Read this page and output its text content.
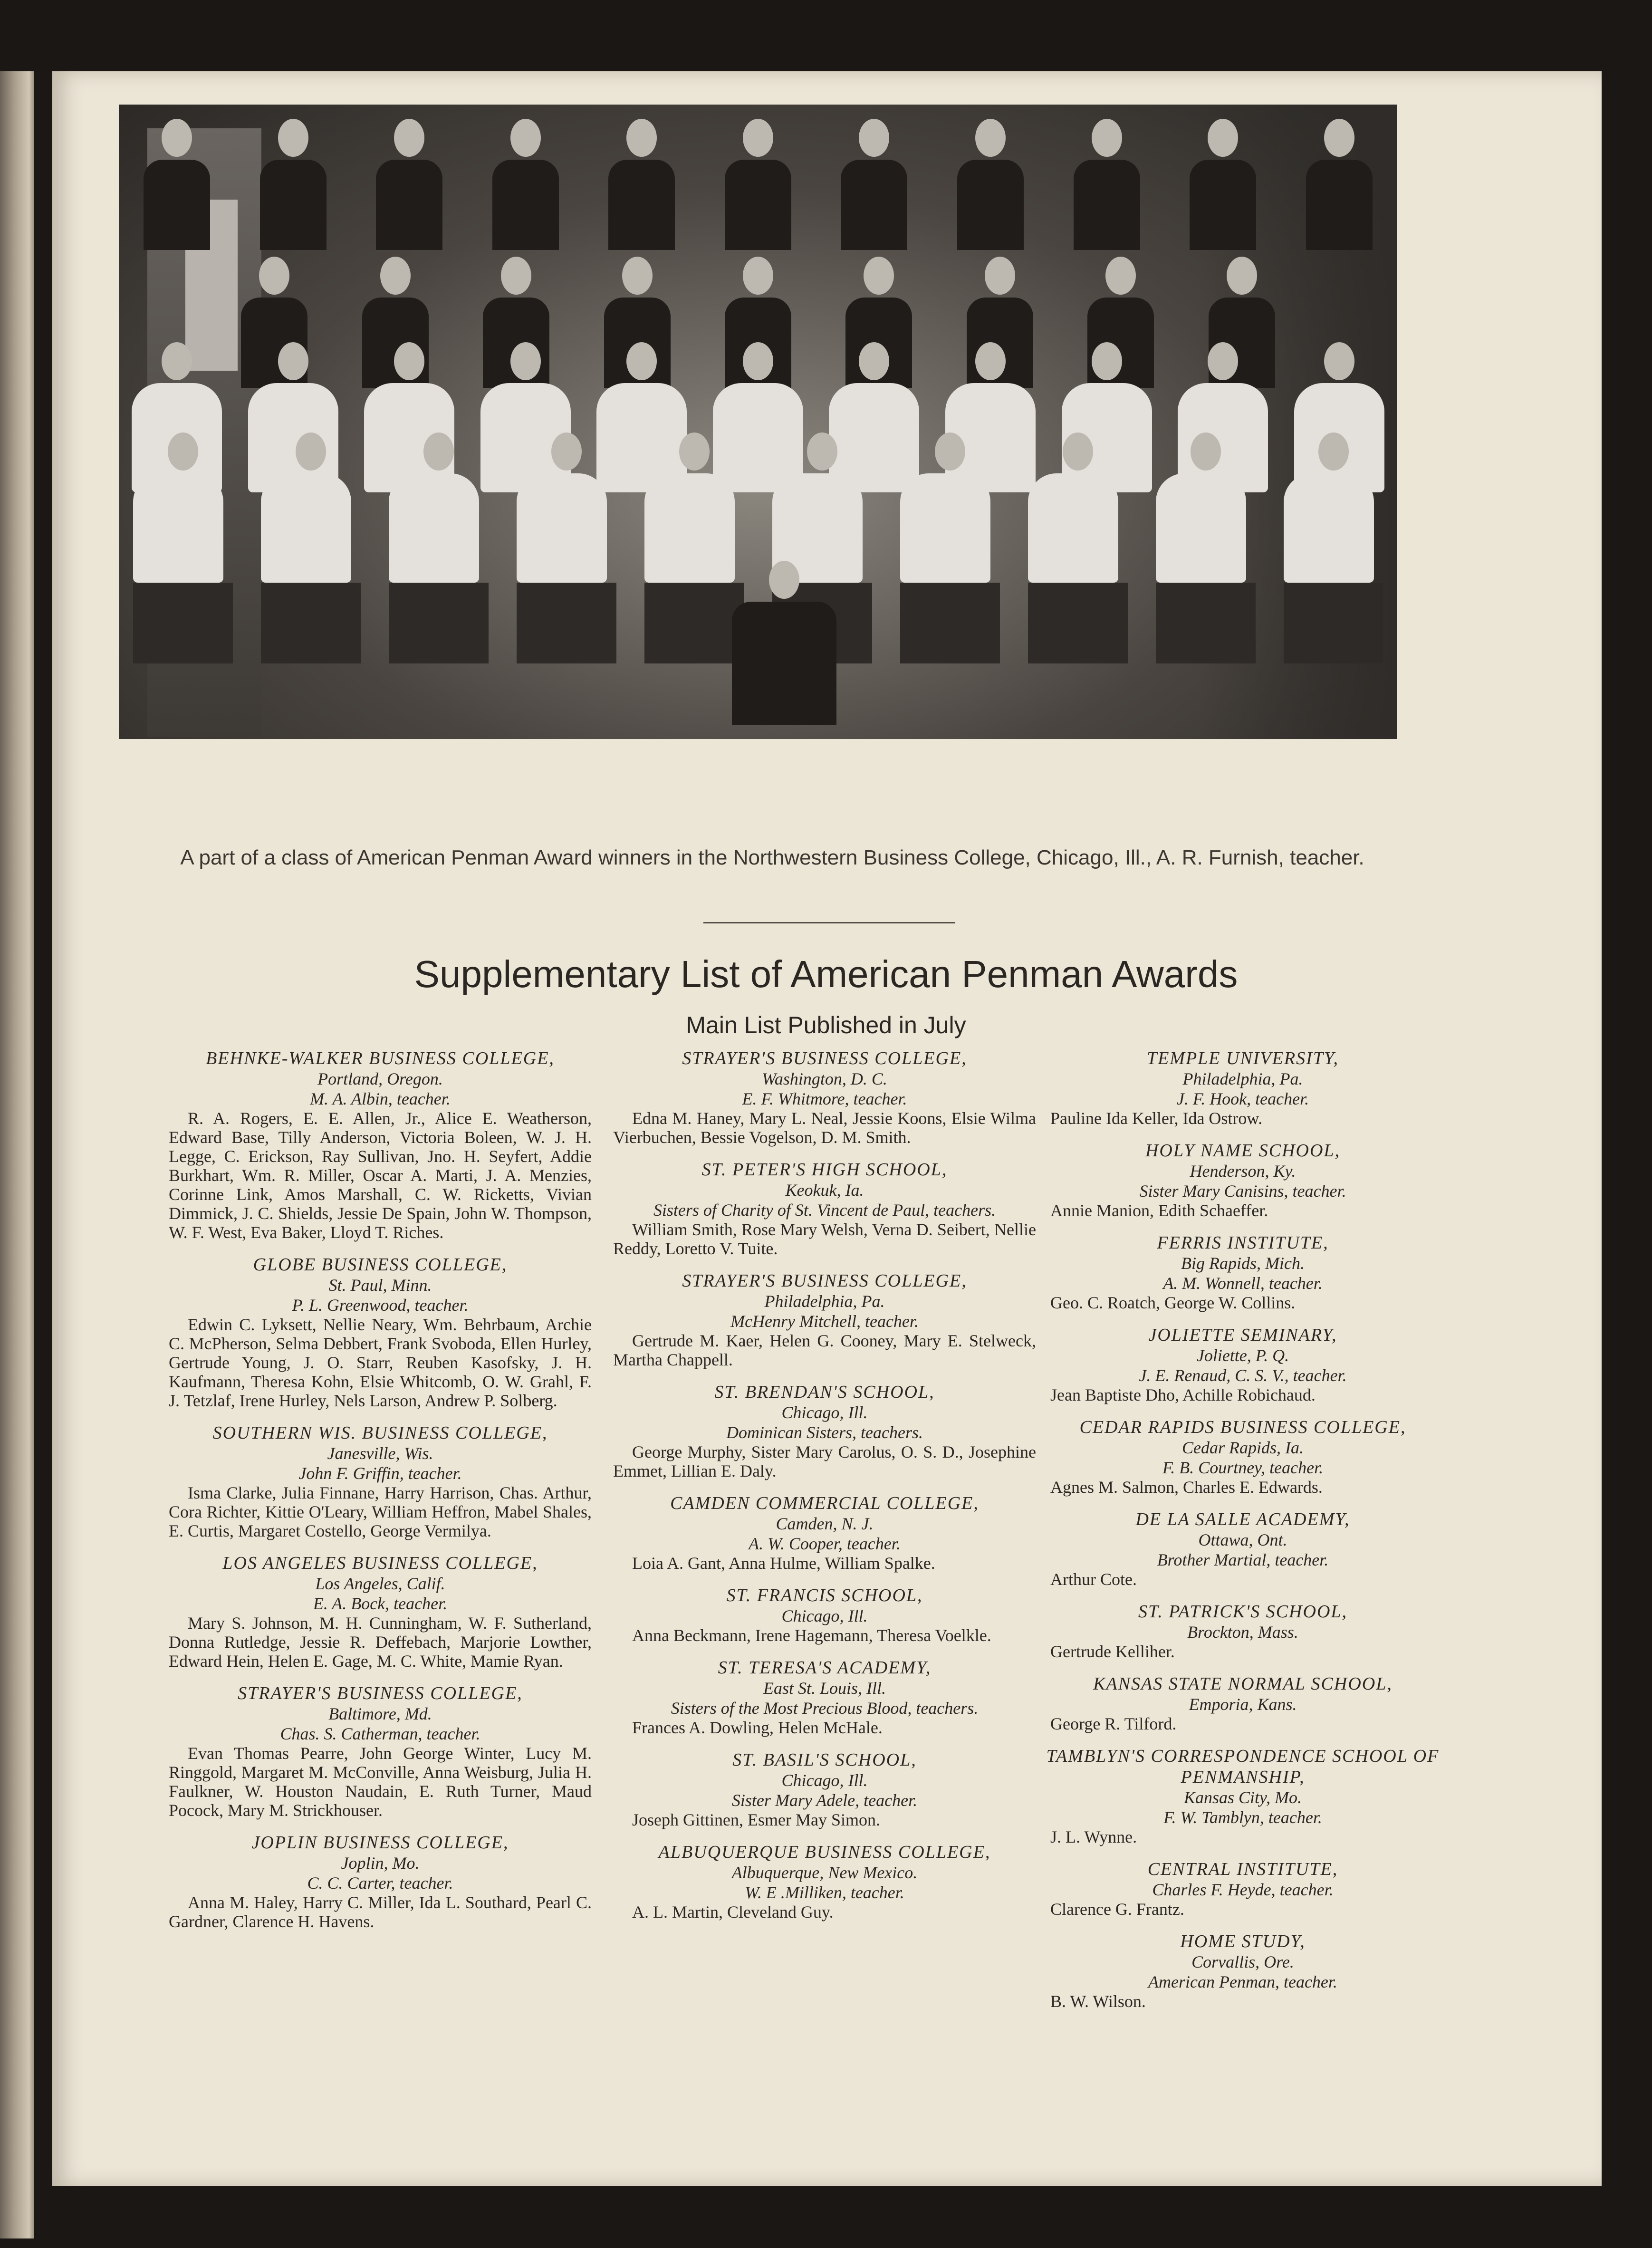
A part of a class of American Penman Award winners in the Northwestern Business College, Chicago, Ill., A. R. Furnish, teacher.
Supplementary List of American Penman Awards
Main List Published in July
BEHNKE-WALKER BUSINESS COLLEGE,
Portland, Oregon.
M. A. Albin, teacher.
R. A. Rogers, E. E. Allen, Jr., Alice E. Weatherson, Edward Base, Tilly Anderson, Victoria Boleen, W. J. H. Legge, C. Erickson, Ray Sullivan, Jno. H. Seyfert, Addie Burkhart, Wm. R. Miller, Oscar A. Marti, J. A. Menzies, Corinne Link, Amos Marshall, C. W. Ricketts, Vivian Dimmick, J. C. Shields, Jessie De Spain, John W. Thompson, W. F. West, Eva Baker, Lloyd T. Riches.
GLOBE BUSINESS COLLEGE,
St. Paul, Minn.
P. L. Greenwood, teacher.
Edwin C. Lyksett, Nellie Neary, Wm. Behrbaum, Archie C. McPherson, Selma Debbert, Frank Svoboda, Ellen Hurley, Gertrude Young, J. O. Starr, Reuben Kasofsky, J. H. Kaufmann, Theresa Kohn, Elsie Whitcomb, O. W. Grahl, F. J. Tetzlaf, Irene Hurley, Nels Larson, Andrew P. Solberg.
SOUTHERN WIS. BUSINESS COLLEGE,
Janesville, Wis.
John F. Griffin, teacher.
Isma Clarke, Julia Finnane, Harry Harrison, Chas. Arthur, Cora Richter, Kittie O'Leary, William Heffron, Mabel Shales, E. Curtis, Margaret Costello, George Vermilya.
LOS ANGELES BUSINESS COLLEGE,
Los Angeles, Calif.
E. A. Bock, teacher.
Mary S. Johnson, M. H. Cunningham, W. F. Sutherland, Donna Rutledge, Jessie R. Deffebach, Marjorie Lowther, Edward Hein, Helen E. Gage, M. C. White, Mamie Ryan.
STRAYER'S BUSINESS COLLEGE,
Baltimore, Md.
Chas. S. Catherman, teacher.
Evan Thomas Pearre, John George Winter, Lucy M. Ringgold, Margaret M. McConville, Anna Weisburg, Julia H. Faulkner, W. Houston Naudain, E. Ruth Turner, Maud Pocock, Mary M. Strickhouser.
JOPLIN BUSINESS COLLEGE,
Joplin, Mo.
C. C. Carter, teacher.
Anna M. Haley, Harry C. Miller, Ida L. Southard, Pearl C. Gardner, Clarence H. Havens.
STRAYER'S BUSINESS COLLEGE,
Washington, D. C.
E. F. Whitmore, teacher.
Edna M. Haney, Mary L. Neal, Jessie Koons, Elsie Wilma Vierbuchen, Bessie Vogelson, D. M. Smith.
ST. PETER'S HIGH SCHOOL,
Keokuk, Ia.
Sisters of Charity of St. Vincent de Paul, teachers.
William Smith, Rose Mary Welsh, Verna D. Seibert, Nellie Reddy, Loretto V. Tuite.
STRAYER'S BUSINESS COLLEGE,
Philadelphia, Pa.
McHenry Mitchell, teacher.
Gertrude M. Kaer, Helen G. Cooney, Mary E. Stelweck, Martha Chappell.
ST. BRENDAN'S SCHOOL,
Chicago, Ill.
Dominican Sisters, teachers.
George Murphy, Sister Mary Carolus, O. S. D., Josephine Emmet, Lillian E. Daly.
CAMDEN COMMERCIAL COLLEGE,
Camden, N. J.
A. W. Cooper, teacher.
Loia A. Gant, Anna Hulme, William Spalke.
ST. FRANCIS SCHOOL,
Chicago, Ill.
Anna Beckmann, Irene Hagemann, Theresa Voelkle.
ST. TERESA'S ACADEMY,
East St. Louis, Ill.
Sisters of the Most Precious Blood, teachers.
Frances A. Dowling, Helen McHale.
ST. BASIL'S SCHOOL,
Chicago, Ill.
Sister Mary Adele, teacher.
Joseph Gittinen, Esmer May Simon.
ALBUQUERQUE BUSINESS COLLEGE,
Albuquerque, New Mexico.
W. E .Milliken, teacher.
A. L. Martin, Cleveland Guy.
TEMPLE UNIVERSITY,
Philadelphia, Pa.
J. F. Hook, teacher.
Pauline Ida Keller, Ida Ostrow.
HOLY NAME SCHOOL,
Henderson, Ky.
Sister Mary Canisins, teacher.
Annie Manion, Edith Schaeffer.
FERRIS INSTITUTE,
Big Rapids, Mich.
A. M. Wonnell, teacher.
Geo. C. Roatch, George W. Collins.
JOLIETTE SEMINARY,
Joliette, P. Q.
J. E. Renaud, C. S. V., teacher.
Jean Baptiste Dho, Achille Robichaud.
CEDAR RAPIDS BUSINESS COLLEGE,
Cedar Rapids, Ia.
F. B. Courtney, teacher.
Agnes M. Salmon, Charles E. Edwards.
DE LA SALLE ACADEMY,
Ottawa, Ont.
Brother Martial, teacher.
Arthur Cote.
ST. PATRICK'S SCHOOL,
Brockton, Mass.
Gertrude Kelliher.
KANSAS STATE NORMAL SCHOOL,
Emporia, Kans.
George R. Tilford.
TAMBLYN'S CORRESPONDENCE SCHOOL OF PENMANSHIP,
Kansas City, Mo.
F. W. Tamblyn, teacher.
J. L. Wynne.
CENTRAL INSTITUTE,
Charles F. Heyde, teacher.
Clarence G. Frantz.
HOME STUDY,
Corvallis, Ore.
American Penman, teacher.
B. W. Wilson.
